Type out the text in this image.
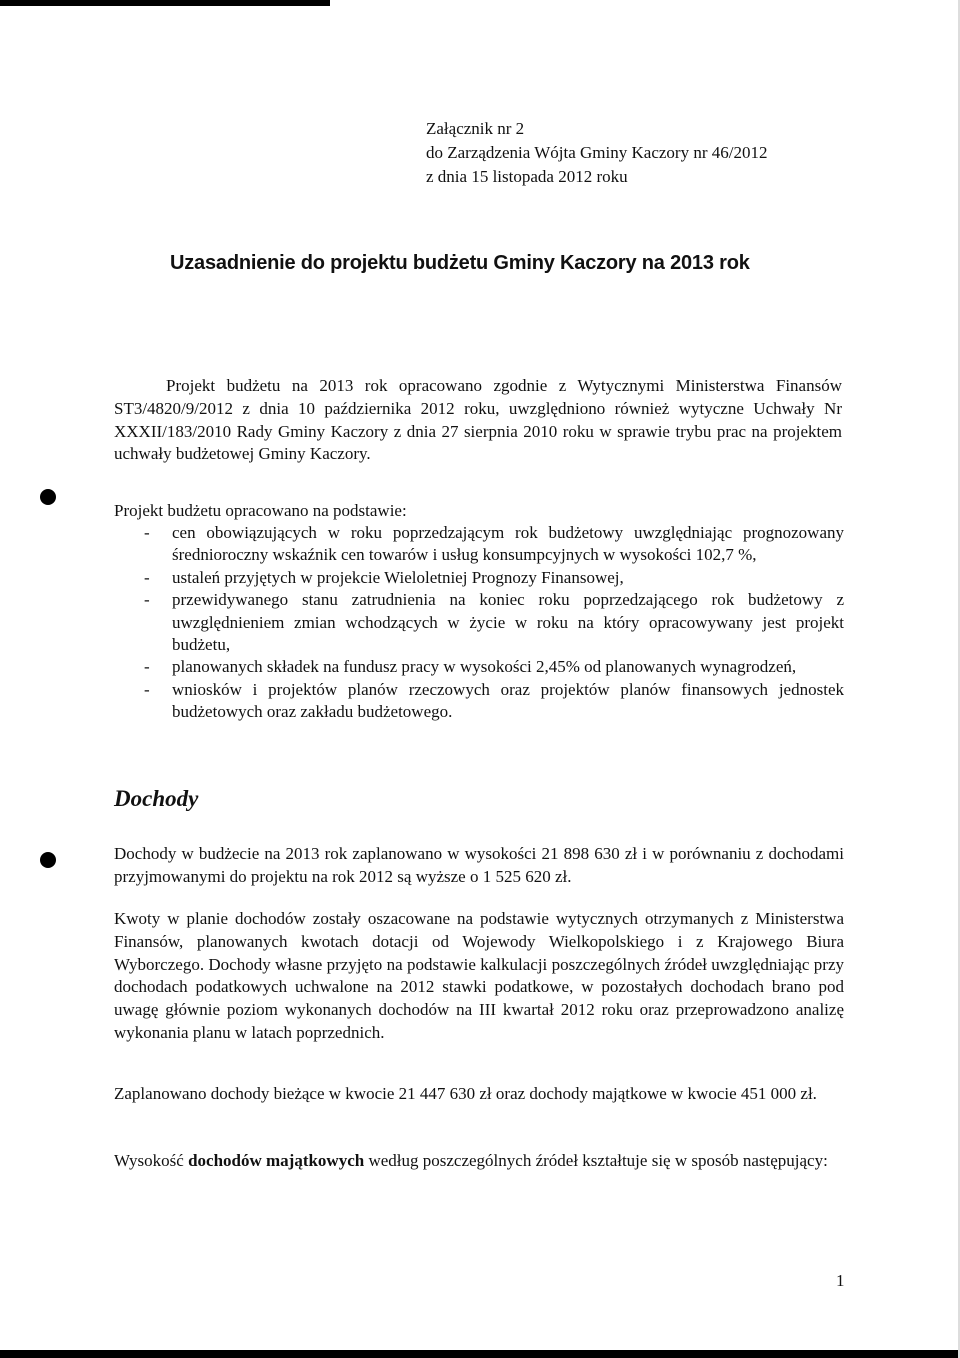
Załącznik nr 2
do Zarządzenia Wójta Gminy Kaczory nr 46/2012
z dnia 15 listopada 2012 roku
Uzasadnienie do projektu budżetu Gminy Kaczory na 2013 rok

Projekt budżetu na 2013 rok opracowano zgodnie z Wytycznymi Ministerstwa Finansów ST3/4820/9/2012 z dnia 10 października 2012 roku, uwzględniono również wytyczne Uchwały Nr XXXII/183/2010 Rady Gminy Kaczory z dnia 27 sierpnia 2010 roku w sprawie trybu prac na projektem uchwały budżetowej Gminy Kaczory.

Projekt budżetu opracowano na podstawie:

- cen obowiązujących w roku poprzedzającym rok budżetowy uwzględniając prognozowany średnioroczny wskaźnik cen towarów i usług konsumpcyjnych w wysokości 102,7 %,
- ustaleń przyjętych w projekcie Wieloletniej Prognozy Finansowej,
- przewidywanego stanu zatrudnienia na koniec roku poprzedzającego rok budżetowy z uwzględnieniem zmian wchodzących w życie w roku na który opracowywany jest projekt budżetu,
- planowanych składek na fundusz pracy w wysokości 2,45% od planowanych wynagrodzeń,
- wniosków i projektów planów rzeczowych oraz projektów planów finansowych jednostek budżetowych oraz zakładu budżetowego.
Dochody

Dochody w budżecie na 2013 rok zaplanowano w wysokości 21 898 630 zł i w porównaniu z dochodami przyjmowanymi do projektu na rok 2012 są wyższe o 1 525 620 zł.

Kwoty w planie dochodów zostały oszacowane na podstawie wytycznych otrzymanych z Ministerstwa Finansów, planowanych kwotach dotacji od Wojewody Wielkopolskiego i z Krajowego Biura Wyborczego. Dochody własne przyjęto na podstawie kalkulacji poszczególnych źródeł uwzględniając przy dochodach podatkowych uchwalone na 2012 stawki podatkowe, w pozostałych dochodach brano pod uwagę głównie poziom wykonanych dochodów na III kwartał 2012 roku oraz przeprowadzono analizę wykonania planu w latach poprzednich.

Zaplanowano dochody bieżące w kwocie 21 447 630 zł oraz dochody majątkowe w kwocie 451 000 zł.

Wysokość dochodów majątkowych według poszczególnych źródeł kształtuje się w sposób następujący:

1
